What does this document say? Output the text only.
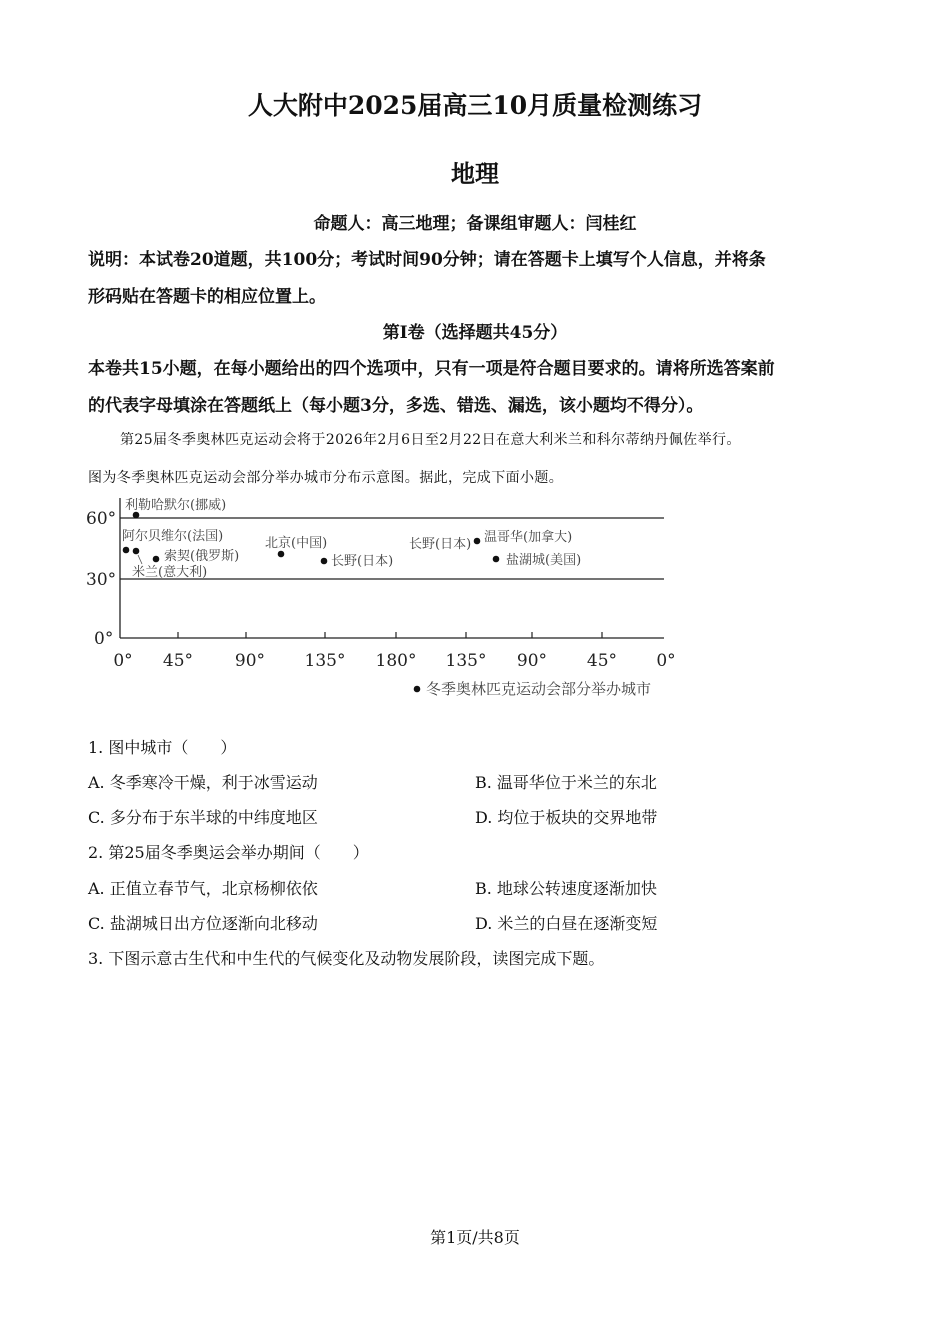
人大附中2025届高三10月质量检测练习
地理
命题人：高三地理；备课组审题人：闫桂红
说明：本试卷20道题，共100分；考试时间90分钟；请在答题卡上填写个人信息，并将条
形码贴在答题卡的相应位置上。
第Ⅰ卷（选择题共45分）
本卷共15小题，在每小题给出的四个选项中，只有一项是符合题目要求的。请将所选答案前
的代表字母填涂在答题纸上（每小题3分，多选、错选、漏选，该小题均不得分）。
第25届冬季奥林匹克运动会将于2026年2月6日至2月22日在意大利米兰和科尔蒂纳丹佩佐举行。
图为冬季奥林匹克运动会部分举办城市分布示意图。据此，完成下面小题。
60°
30°
0°
0° 45° 90° 135° 180° 135° 90° 45° 0°
利勒哈默尔(挪威)
阿尔贝维尔(法国)
索契(俄罗斯)
米兰(意大利)
北京(中国)
长野(日本)
长野(日本) 温哥华(加拿大)
盐湖城(美国)
冬季奥林匹克运动会部分举办城市
1. 图中城市（　　）
A. 冬季寒冷干燥，利于冰雪运动	B. 温哥华位于米兰的东北
C. 多分布于东半球的中纬度地区	D. 均位于板块的交界地带
2. 第25届冬季奥运会举办期间（　　）
A. 正值立春节气，北京杨柳依依	B. 地球公转速度逐渐加快
C. 盐湖城日出方位逐渐向北移动	D. 米兰的白昼在逐渐变短
3. 下图示意古生代和中生代的气候变化及动物发展阶段，读图完成下题。
第1页/共8页
